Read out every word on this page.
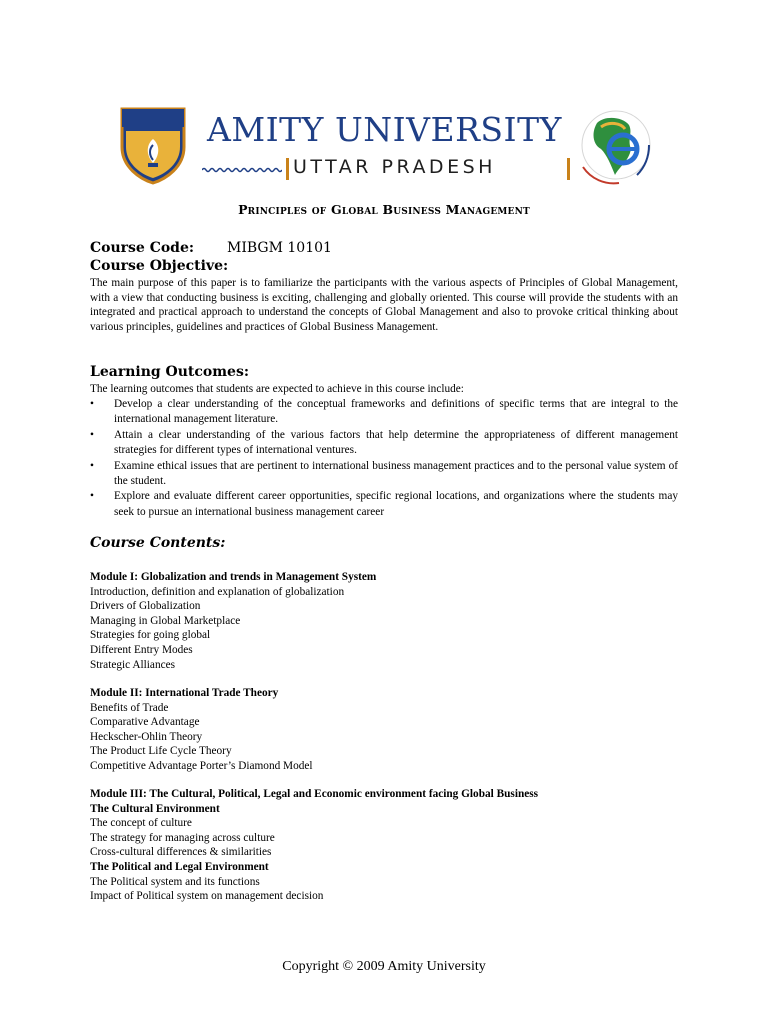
AMITY UNIVERSITY
UTTAR PRADESH
Principles of Global Business Management
Course Code: MIBGM 10101
Course Objective:
The main purpose of this paper is to familiarize the participants with the various aspects of Principles of Global Management, with a view that conducting business is exciting, challenging and globally oriented. This course will provide the students with an integrated and practical approach to understand the concepts of Global Management and also to provoke critical thinking about various principles, guidelines and practices of Global Business Management.
Learning Outcomes:
The learning outcomes that students are expected to achieve in this course include:
• Develop a clear understanding of the conceptual frameworks and definitions of specific terms that are integral to the international management literature.
• Attain a clear understanding of the various factors that help determine the appropriateness of different management strategies for different types of international ventures.
• Examine ethical issues that are pertinent to international business management practices and to the personal value system of the student.
• Explore and evaluate different career opportunities, specific regional locations, and organizations where the students may seek to pursue an international business management career
Course Contents:
Module I: Globalization and trends in Management System
Introduction, definition and explanation of globalization
Drivers of Globalization
Managing in Global Marketplace
Strategies for going global
Different Entry Modes
Strategic Alliances
Module II: International Trade Theory
Benefits of Trade
Comparative Advantage
Heckscher-Ohlin Theory
The Product Life Cycle Theory
Competitive Advantage Porter’s Diamond Model
Module III: The Cultural, Political, Legal and Economic environment facing Global Business
The Cultural Environment
The concept of culture
The strategy for managing across culture
Cross-cultural differences & similarities
The Political and Legal Environment
The Political system and its functions
Impact of Political system on management decision
Copyright © 2009 Amity University
